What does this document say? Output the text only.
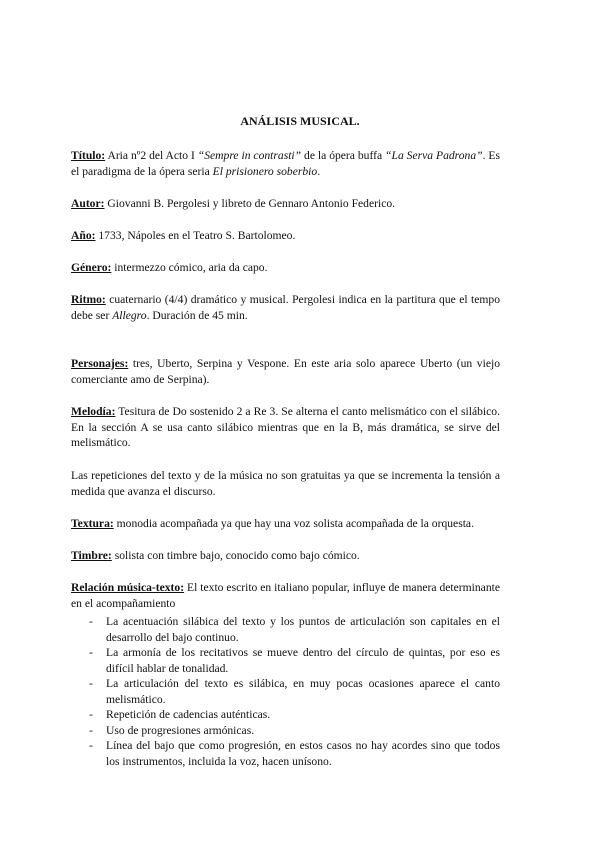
ANÁLISIS MUSICAL.

Título: Aria nº2 del Acto I “Sempre in contrasti” de la ópera buffa “La Serva Padrona”. Es el paradigma de la ópera seria El prisionero soberbio.

Autor: Giovanni B. Pergolesi y libreto de Gennaro Antonio Federico.

Año: 1733, Nápoles en el Teatro S. Bartolomeo.

Género: intermezzo cómico, aria da capo.

Ritmo: cuaternario (4/4) dramático y musical. Pergolesi indica en la partitura que el tempo debe ser Allegro. Duración de 45 min.

Personajes: tres, Uberto, Serpina y Vespone. En este aria solo aparece Uberto (un viejo comerciante amo de Serpina).

Melodía: Tesitura de Do sostenido 2 a Re 3. Se alterna el canto melismático con el silábico. En la sección A se usa canto silábico mientras que en la B, más dramática, se sirve del melismático.

Las repeticiones del texto y de la música no son gratuitas ya que se incrementa la tensión a medida que avanza el discurso.

Textura: monodia acompañada ya que hay una voz solista acompañada de la orquesta.

Timbre: solista con timbre bajo, conocido como bajo cómico.

Relación música-texto: El texto escrito en italiano popular, influye de manera determinante en el acompañamiento

- La acentuación silábica del texto y los puntos de articulación son capitales en el desarrollo del bajo continuo.
- La armonía de los recitativos se mueve dentro del círculo de quintas, por eso es difícil hablar de tonalidad.
- La articulación del texto es silábica, en muy pocas ocasiones aparece el canto melismático.
- Repetición de cadencias auténticas.
- Uso de progresiones armónicas.
- Línea del bajo que como progresión, en estos casos no hay acordes sino que todos los instrumentos, incluida la voz, hacen unísono.
